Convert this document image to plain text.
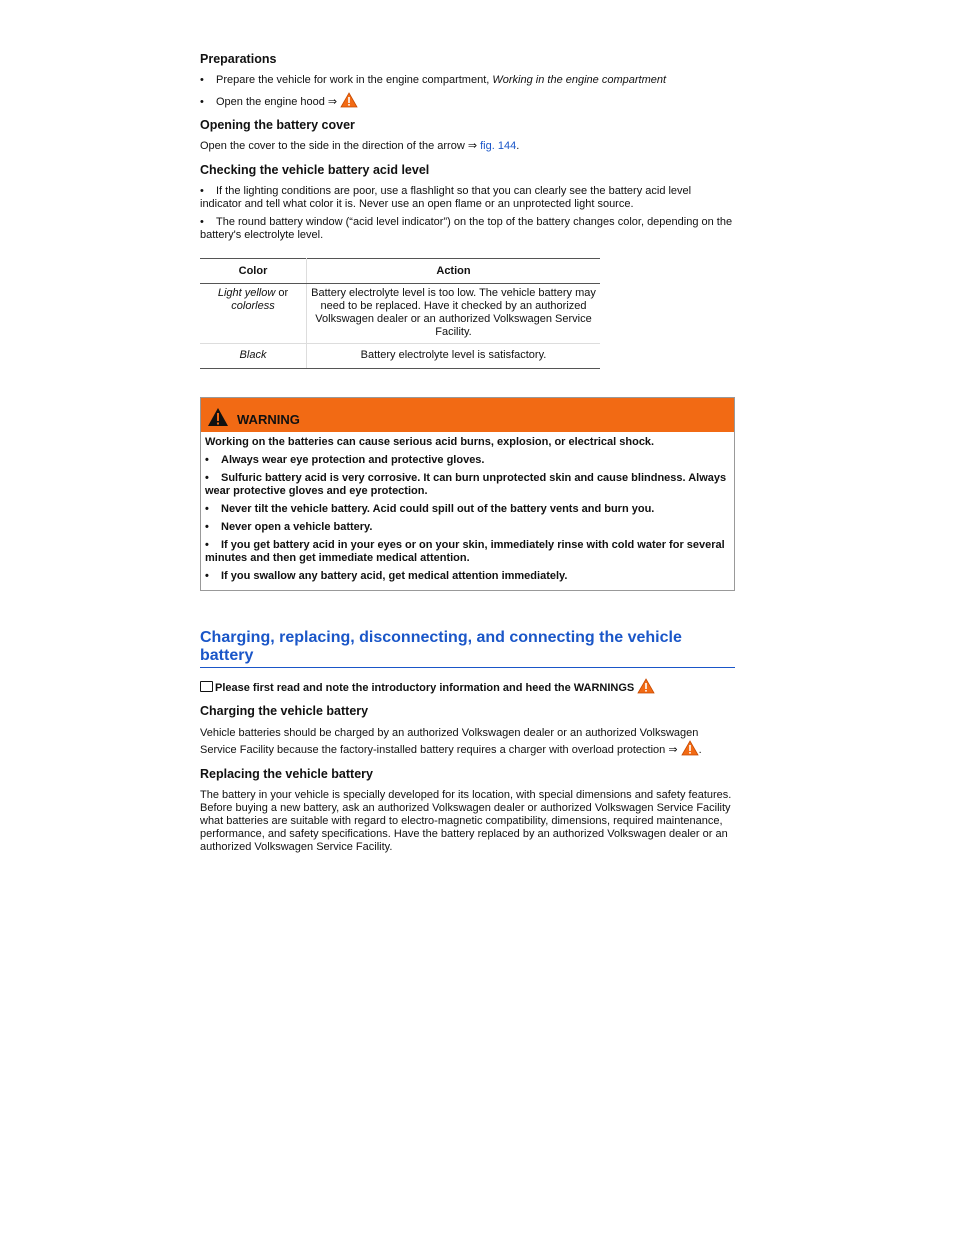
Preparations
• Prepare the vehicle for work in the engine compartment, Working in the engine compartment
• Open the engine hood ⇒
Opening the battery cover
Open the cover to the side in the direction of the arrow ⇒ fig. 144.
Checking the vehicle battery acid level
• If the lighting conditions are poor, use a flashlight so that you can clearly see the battery acid level indicator and tell what color it is. Never use an open flame or an unprotected light source.
• The round battery window (“acid level indicator”) on the top of the battery changes color, depending on the battery's electrolyte level.
Color	Action
Light yellow or
colorless	Battery electrolyte level is too low. The vehicle battery may need to be replaced. Have it checked by an authorized Volkswagen dealer or an authorized Volkswagen Service Facility.
Black	Battery electrolyte level is satisfactory.
WARNING
Working on the batteries can cause serious acid burns, explosion, or electrical shock.
• Always wear eye protection and protective gloves.
• Sulfuric battery acid is very corrosive. It can burn unprotected skin and cause blindness. Always wear protective gloves and eye protection.
• Never tilt the vehicle battery. Acid could spill out of the battery vents and burn you.
• Never open a vehicle battery.
• If you get battery acid in your eyes or on your skin, immediately rinse with cold water for several minutes and then get immediate medical attention.
• If you swallow any battery acid, get medical attention immediately.
Charging, replacing, disconnecting, and connecting the vehicle battery
Please first read and note the introductory information and heed the WARNINGS
Charging the vehicle battery
Vehicle batteries should be charged by an authorized Volkswagen dealer or an authorized Volkswagen Service Facility because the factory-installed battery requires a charger with overload protection ⇒ .
Replacing the vehicle battery
The battery in your vehicle is specially developed for its location, with special dimensions and safety features. Before buying a new battery, ask an authorized Volkswagen dealer or authorized Volkswagen Service Facility what batteries are suitable with regard to electro-magnetic compatibility, dimensions, required maintenance, performance, and safety specifications. Have the battery replaced by an authorized Volkswagen dealer or an authorized Volkswagen Service Facility.
